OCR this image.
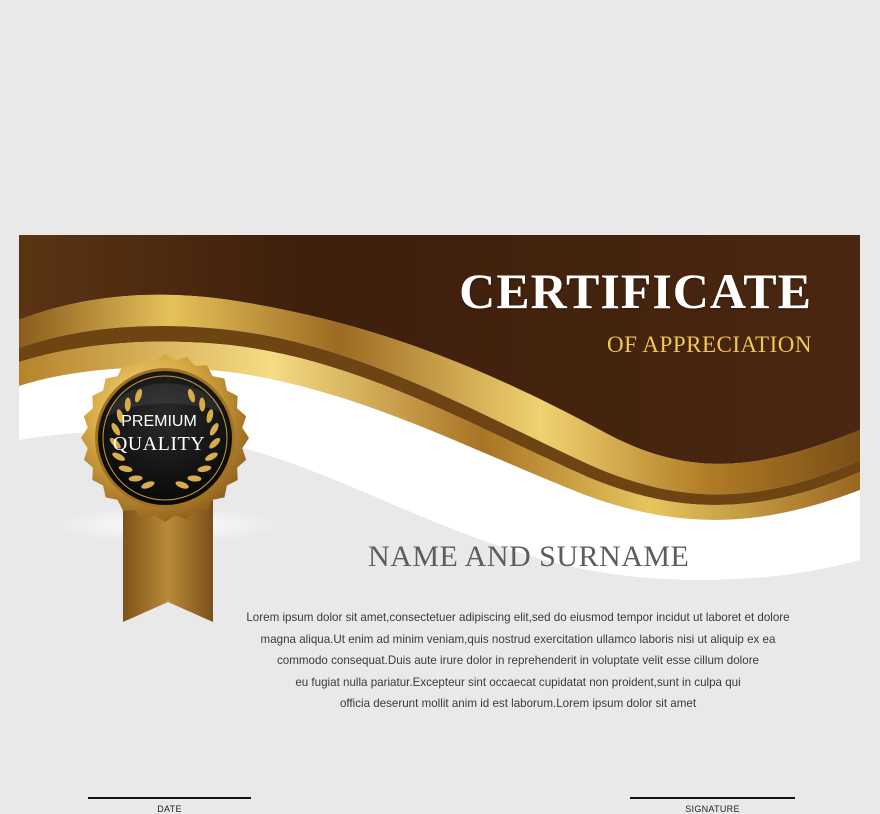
CERTIFICATE
OF APPRECIATION
PREMIUM
QUALITY
NAME AND SURNAME
Lorem ipsum dolor sit amet,consectetuer adipiscing elit,sed do eiusmod tempor incidut ut laboret et dolore
magna aliqua.Ut enim ad minim veniam,quis nostrud exercitation ullamco laboris nisi ut aliquip ex ea
commodo consequat.Duis aute irure dolor in reprehenderit in voluptate velit esse cillum dolore
eu fugiat nulla pariatur.Excepteur sint occaecat cupidatat non proident,sunt in culpa qui
officia deserunt mollit anim id est laborum.Lorem ipsum dolor sit amet
DATE	SIGNATURE
